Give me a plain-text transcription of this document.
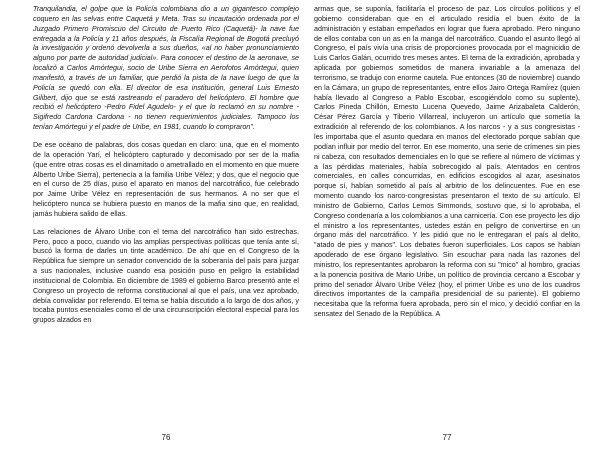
Tranquilandia, el golpe que la Policía colombiana dio a un gigantesco complejo coquero en las selvas entre Caquetá y Meta. Tras su incautación ordenada por el Juzgado Primero Promiscuo del Circuito de Puerto Rico (Caquetá)- la nave fue entregada a la Policía y 11 años después, la Fiscalía Regional de Bogotá precluyó la investigación y ordenó devolverla a sus dueños, «al no haber pronunciamiento alguno por parte de autoridad judicial». Para conocer el destino de la aeronave, se localizó a Carlos Amórtegui, socio de Uribe Sierra en Aerofotos Amórtegui, quien manifestó, a través de un familiar, que perdió la pista de la nave luego de que la Policía se quedó con ella. El director de esa institución, general Luis Ernesto Gilibert, dijo que se está rastreando el paradero del helicóptero. El hombre que recibió el helicóptero -Pedro Fidel Agudelo- y el que lo reclamó en su nombre - Sigifredo Cardona Cardona - no tienen requerimientos judiciales. Tampoco los tenían Amórtegui y el padre de Uribe, en 1981, cuando lo compraron".

De ese océano de palabras, dos cosas quedan en claro: una, que en el momento de la operación Yarí, el helicóptero capturado y decomisado por ser de la mafia (que entre otras cosas es el dinamitado o ametrallado en el momento en que muere Alberto Uribe Sierra), pertenecía a la familia Uribe Vélez; y dos, que el negocio que en el curso de 25 días, puso el aparato en manos del narcotráfico, fue celebrado por Jaime Uribe Vélez en representación de sus hermanos. A no ser que el helicóptero nunca se hubiera puesto en manos de la mafia sino que, en realidad, jamás hubiera salido de ellas.

Las relaciones de Álvaro Uribe con el tema del narcotráfico han sido estrechas. Pero, poco a poco, cuando vio las amplias perspectivas políticas que tenía ante sí, buscó la forma de darles un tinte académico. De ahí que en el Congreso de la República fue siempre un senador convencido de la soberanía del país para juzgar a sus nacionales, inclusive cuando esa posición puso en peligro la estabilidad institucional de Colombia. En diciembre de 1989 el gobierno Barco presentó ante el Congreso un proyecto de reforma constitucional al que el país, una vez aprobado, debía convalidar por referendo. El tema se había discutido a lo largo de dos años, y tocaba puntos esenciales como el de una circunscripción electoral especial para los grupos alzados en

76

armas que, se suponía, facilitaría el proceso de paz. Los círculos políticos y el gobierno consideraban que en el articulado residía el buen éxito de la administración y estaban empeñados en lograr que fuera aprobado. Pero ninguno de ellos contaba con un as en la manga del narcotráfico. Cuando el asunto llegó al Congreso, el país vivía una crisis de proporciones provocada por el magnicidio de Luis Carlos Galán, ocurrido tres meses antes. El tema de la extradición, aprobada y aplicada por gobiernos sometidos de manera invariable a la amenaza del terrorismo, se tradujo con enorme cautela. Fue entonces (30 de noviembre) cuando en la Cámara, un grupo de representantes, entre ellos Jairo Ortega Ramírez (quien había llevado al Congreso a Pablo Escobar, escogiéndolo como su suplente), Carlos Pineda Chillón, Ernesto Lucena Quevedo, Jaime Arizabaleta Calderón, César Pérez García y Tiberio Villarreal, incluyeron un artículo que sometía la extradición al referendo de los colombianos. A los narcos - y a sus congresistas - les importaba que el asunto quedara en manos del electorado porque sabían que podían influir por medio del terror. En ese momento, una serie de crímenes sin pies ni cabeza, con resultados demenciales en lo que se refiere al número de víctimas y a las pérdidas materiales, había sobrecogido al país. Atentados en centros comerciales, en calles concurridas, en edificios escogidos al azar, asesinatos porque sí, habían sometido al país al arbitrio de los delincuentes. Fue en ese momento cuando los narco-congresistas presentaron el texto de su artículo. El ministro de Gobierno, Carlos Lemos Simmonds, sostuvo que, si lo aprobaba, el Congreso condenaría a los colombianos a una carnicería. Con ese proyecto les dijo el ministro a los representantes, ustedes están en peligro de convertirse en un órgano más del narcotráfico. Y les pidió que no le entregaran el país al delito, "atado de pies y manos". Los debates fueron superficiales. Los capos se habían apoderado de ese órgano legislativo. Sin escuchar para nada las razones del ministro, los representantes aprobaron la reforma con su "mico" al hombro, gracias a la ponencia positiva de Mario Uribe, un político de provincia cercano a Escobar y primo del senador Álvaro Uribe Vélez (hoy, el primer Uribe es uno de los cuadros directivos importantes de la campaña presidencial de su pariente). El gobierno necesitaba que la reforma fuera aprobada, pero sin el mico, y decidió confiar en la sensatez del Senado de la República. A

77
